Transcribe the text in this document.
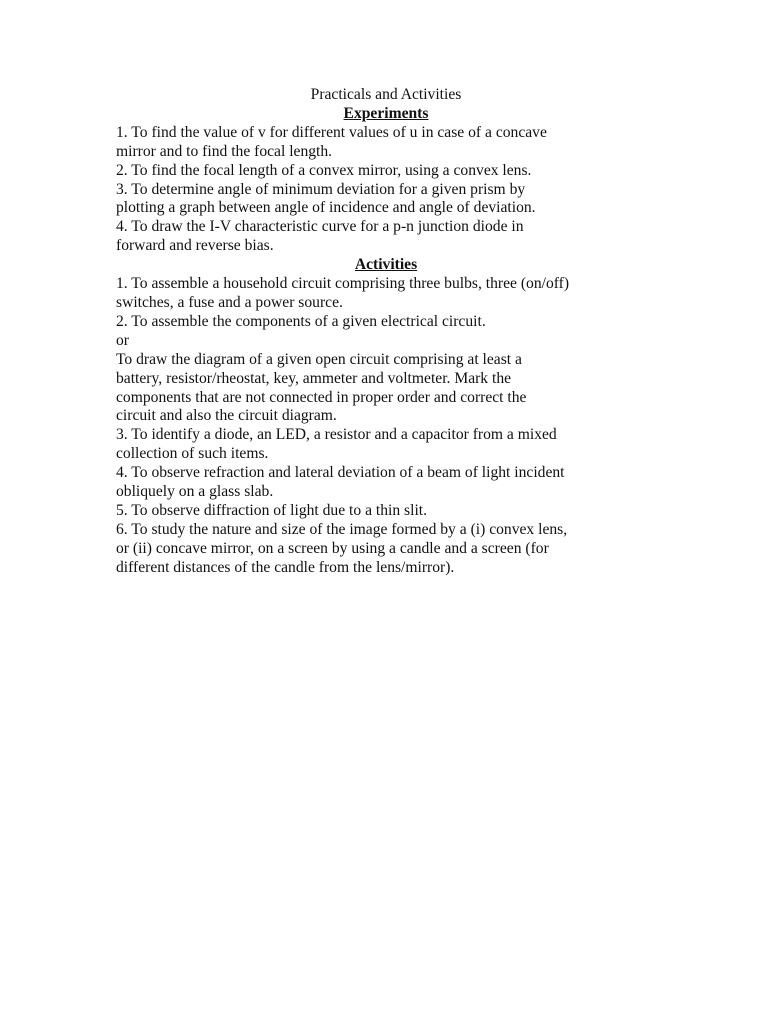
Practicals and Activities
Experiments
1. To find the value of v for different values of u in case of a concave
mirror and to find the focal length.
2. To find the focal length of a convex mirror, using a convex lens.
3. To determine angle of minimum deviation for a given prism by
plotting a graph between angle of incidence and angle of deviation.
4. To draw the I-V characteristic curve for a p-n junction diode in
forward and reverse bias.
Activities
1. To assemble a household circuit comprising three bulbs, three (on/off)
switches, a fuse and a power source.
2. To assemble the components of a given electrical circuit.
or
To draw the diagram of a given open circuit comprising at least a
battery, resistor/rheostat, key, ammeter and voltmeter. Mark the
components that are not connected in proper order and correct the
circuit and also the circuit diagram.
3. To identify a diode, an LED, a resistor and a capacitor from a mixed
collection of such items.
4. To observe refraction and lateral deviation of a beam of light incident
obliquely on a glass slab.
5. To observe diffraction of light due to a thin slit.
6. To study the nature and size of the image formed by a (i) convex lens,
or (ii) concave mirror, on a screen by using a candle and a screen (for
different distances of the candle from the lens/mirror).
